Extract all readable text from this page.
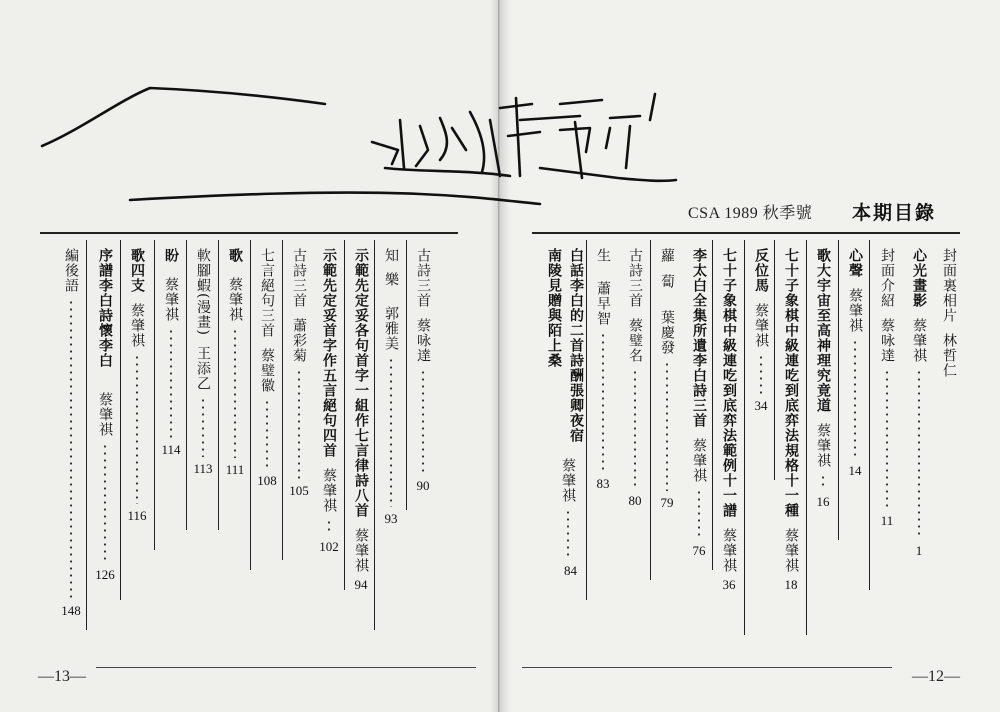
CSA 1989 秋季號 本期目錄
—13—	—12—
封面裏相片
林哲仁
心光畫影
蔡肇祺
1
封面介紹
蔡咏達
11
心聲
蔡肇祺
14
歌大宇宙至高神理究竟道
蔡肇祺
16
七十子象棋中級連吃到底弈法規格十一種
蔡肇祺
18
反位馬
蔡肇祺
34
七十子象棋中級連吃到底弈法範例十一譜
蔡肇祺
36
李太白全集所遺李白詩三首
蔡肇祺
76
蘿蔔
葉慶發
79
古詩三首
蔡璧名
80
生
蕭早智
83
白話李白的二首詩酬張卿夜宿南陵見贈與陌上桑
蔡肇祺
84
古詩三首
蔡咏達
90
知樂
郭雅美
93
示範先定妥各句首字一組作七言律詩八首
蔡肇祺
94
示範先定妥首字作五言絕句四首
蔡肇祺
102
古詩三首
蕭彩菊
105
七言絕句三首
蔡璧徽
108
歌
蔡肇祺
111
軟腳蝦(漫畫)
王添乙
113
盼
蔡肇祺
114
歌四支
蔡肇祺
116
序譜李白詩懷李白
蔡肇祺
126
編後語
148
